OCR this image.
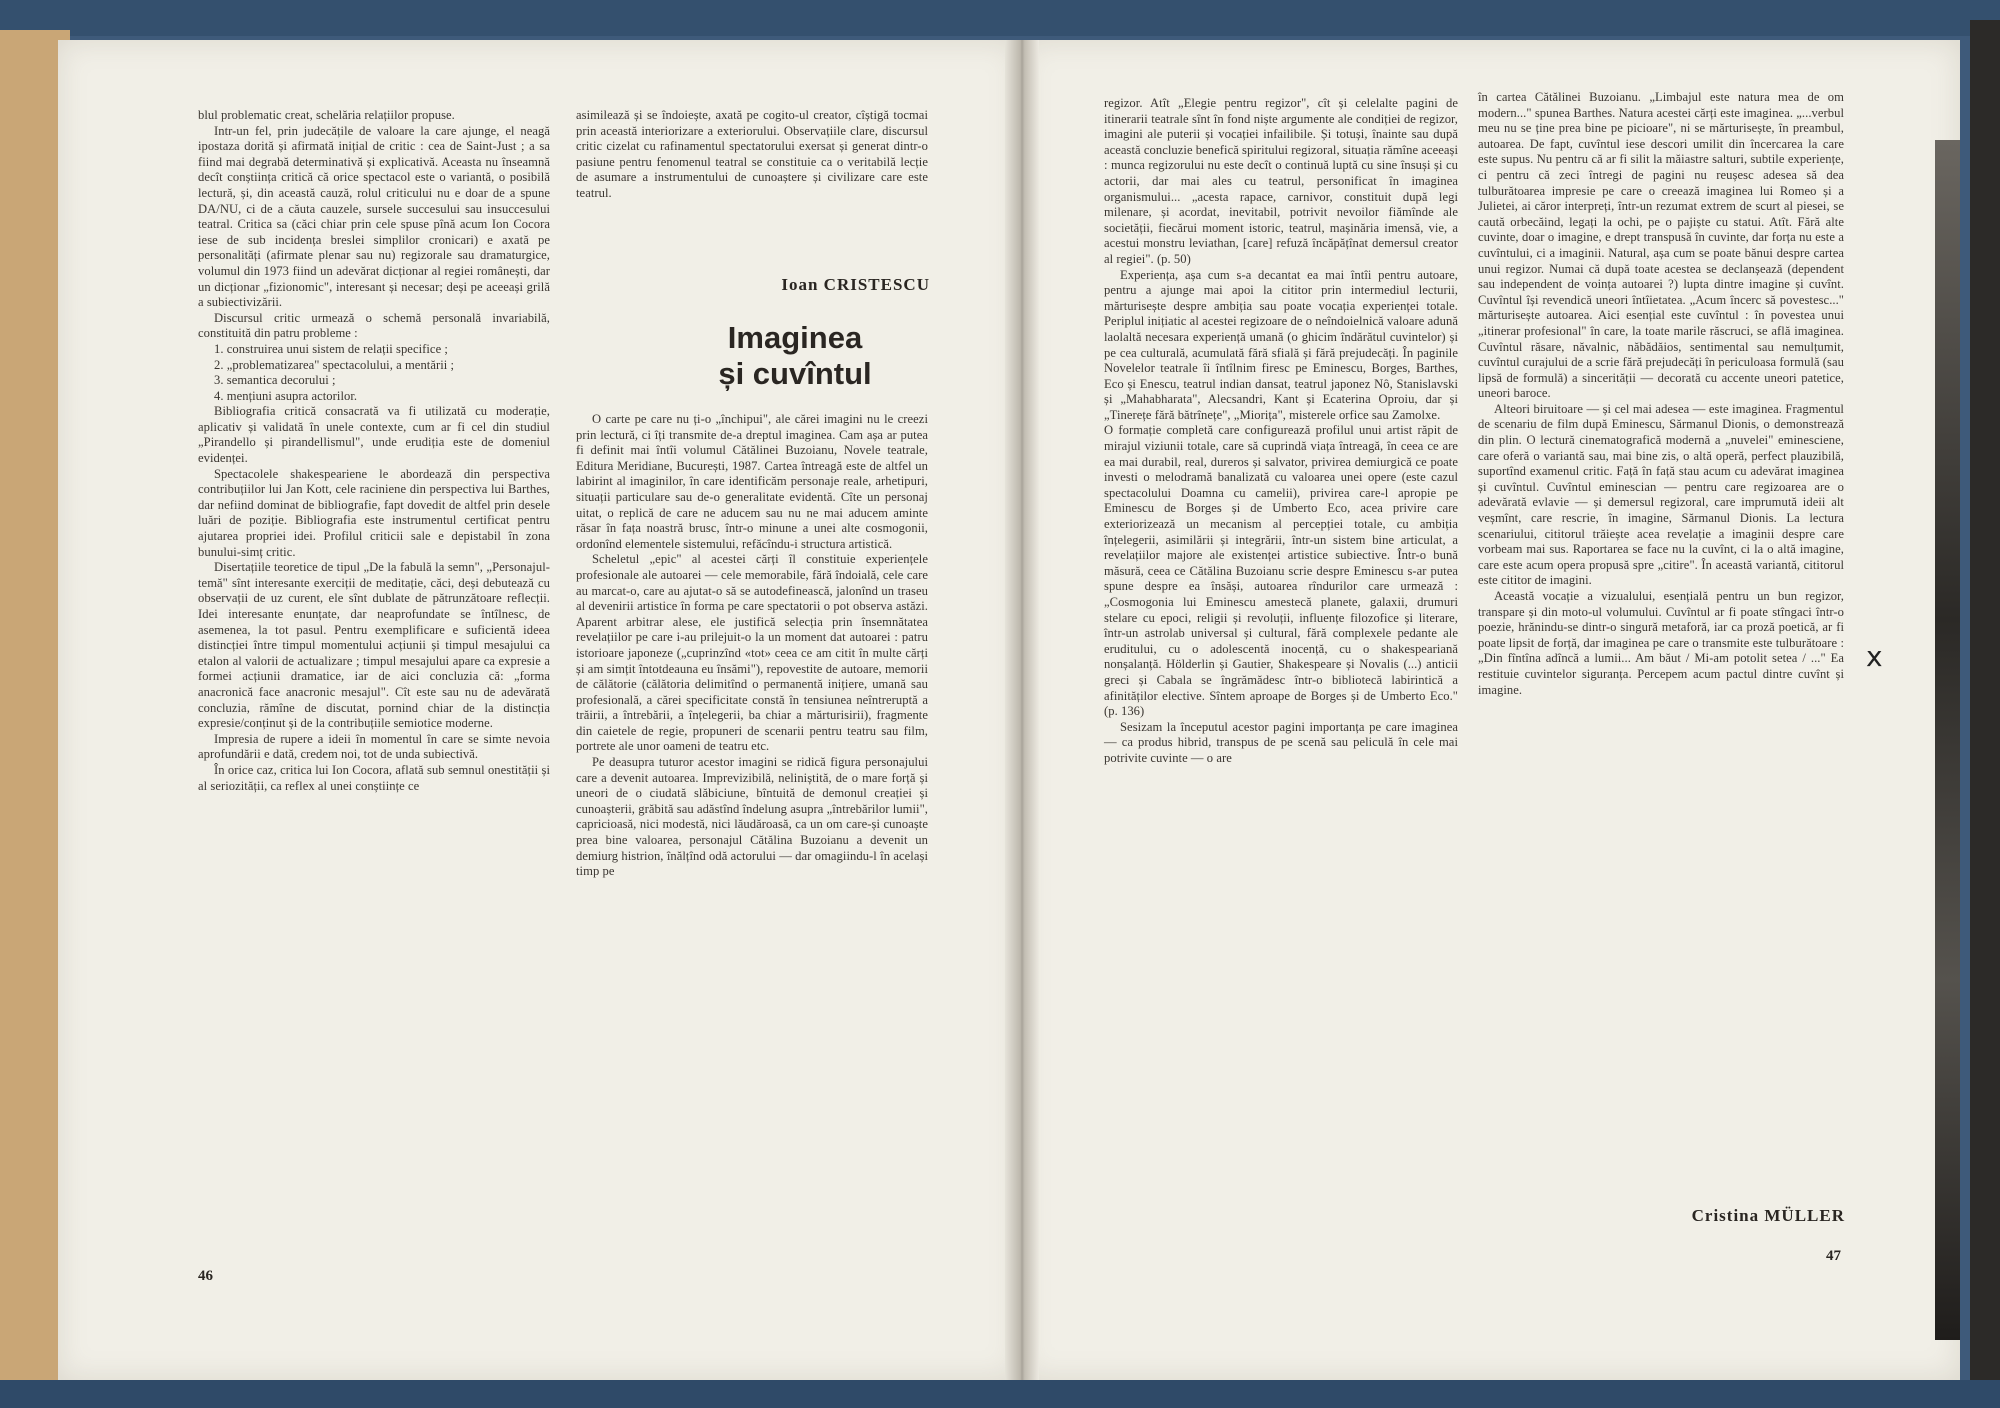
blul problematic creat, schelăria relațiilor propuse.

Intr-un fel, prin judecățile de valoare la care ajunge, el neagă ipostaza dorită și afirmată inițial de critic : cea de Saint-Just ; a sa fiind mai degrabă determinativă și explicativă. Aceasta nu înseamnă decît conștiința critică că orice spectacol este o variantă, o posibilă lectură, și, din această cauză, rolul criticului nu e doar de a spune DA/NU, ci de a căuta cauzele, sursele succesului sau insuccesului teatral. Critica sa (căci chiar prin cele spuse pînă acum Ion Cocora iese de sub incidența breslei simplilor cronicari) e axată pe personalități (afirmate plenar sau nu) regizorale sau dramaturgice, volumul din 1973 fiind un adevărat dicționar al regiei românești, dar un dicționar „fizionomic", interesant și necesar; deși pe aceeași grilă a subiectivizării.

Discursul critic urmează o schemă personală invariabilă, constituită din patru probleme :

1. construirea unui sistem de relații specifice ;

2. „problematizarea" spectacolului, a mentării ;

3. semantica decorului ;

4. mențiuni asupra actorilor.

Bibliografia critică consacrată va fi utilizată cu moderație, aplicativ și validată în unele contexte, cum ar fi cel din studiul „Pirandello și pirandellismul", unde erudiția este de domeniul evidenței.

Spectacolele shakespeariene le abordează din perspectiva contribuțiilor lui Jan Kott, cele raciniene din perspectiva lui Barthes, dar nefiind dominat de bibliografie, fapt dovedit de altfel prin desele luări de poziție. Bibliografia este instrumentul certificat pentru ajutarea propriei idei. Profilul criticii sale e depistabil în zona bunului-simț critic.

Disertațiile teoretice de tipul „De la fabulă la semn", „Personajul-temă" sînt interesante exerciții de meditație, căci, deși debutează cu observații de uz curent, ele sînt dublate de pătrunzătoare reflecții. Idei interesante enunțate, dar neaprofundate se întîlnesc, de asemenea, la tot pasul. Pentru exemplificare e suficientă ideea distincției între timpul momentului acțiunii și timpul mesajului ca etalon al valorii de actualizare ; timpul mesajului apare ca expresie a formei acțiunii dramatice, iar de aici concluzia că: „forma anacronică face anacronic mesajul". Cît este sau nu de adevărată concluzia, rămîne de discutat, pornind chiar de la distincția expresie/conținut și de la contribuțiile semiotice moderne.

Impresia de rupere a ideii în momentul în care se simte nevoia aprofundării e dată, credem noi, tot de unda subiectivă.

În orice caz, critica lui Ion Cocora, aflată sub semnul onestității și al seriozității, ca reflex al unei conștiințe ce

asimilează și se îndoiește, axată pe cogito-ul creator, cîștigă tocmai prin această interiorizare a exteriorului. Observațiile clare, discursul critic cizelat cu rafinamentul spectatorului exersat și generat dintr-o pasiune pentru fenomenul teatral se constituie ca o veritabilă lecție de asumare a instrumentului de cunoaștere și civilizare care este teatrul.

Ioan CRISTESCU
Imaginea
și cuvîntul

O carte pe care nu ți-o „închipui", ale cărei imagini nu le creezi prin lectură, ci îți transmite de-a dreptul imaginea. Cam așa ar putea fi definit mai întîi volumul Cătălinei Buzoianu, Novele teatrale, Editura Meridiane, București, 1987. Cartea întreagă este de altfel un labirint al imaginilor, în care identificăm personaje reale, arhetipuri, situații particulare sau de-o generalitate evidentă. Cîte un personaj uitat, o replică de care ne aducem sau nu ne mai aducem aminte răsar în fața noastră brusc, într-o minune a unei alte cosmogonii, ordonînd elementele sistemului, refăcîndu-i structura artistică.

Scheletul „epic" al acestei cărți îl constituie experiențele profesionale ale autoarei — cele memorabile, fără îndoială, cele care au marcat-o, care au ajutat-o să se autodefinească, jalonînd un traseu al devenirii artistice în forma pe care spectatorii o pot observa astăzi. Aparent arbitrar alese, ele justifică selecția prin însemnătatea revelațiilor pe care i-au prilejuit-o la un moment dat autoarei : patru istorioare japoneze („cuprinzînd «tot» ceea ce am citit în multe cărți și am simțit întotdeauna eu însămi"), repovestite de autoare, memorii de călătorie (călătoria delimitînd o permanentă inițiere, umană sau profesională, a cărei specificitate constă în tensiunea neîntreruptă a trăirii, a întrebării, a înțelegerii, ba chiar a mărturisirii), fragmente din caietele de regie, propuneri de scenarii pentru teatru sau film, portrete ale unor oameni de teatru etc.

Pe deasupra tuturor acestor imagini se ridică figura personajului care a devenit autoarea. Imprevizibilă, neliniștită, de o mare forță și uneori de o ciudată slăbiciune, bîntuită de demonul creației și cunoașterii, grăbită sau adăstînd îndelung asupra „întrebărilor lumii", capricioasă, nici modestă, nici lăudăroasă, ca un om care-și cunoaște prea bine valoarea, personajul Cătălina Buzoianu a devenit un demiurg histrion, înălțînd odă actorului — dar omagiindu-l în același timp pe

46

regizor. Atît „Elegie pentru regizor", cît și celelalte pagini de itinerarii teatrale sînt în fond niște argumente ale condiției de regizor, imagini ale puterii și vocației infailibile. Și totuși, înainte sau după această concluzie benefică spiritului regizoral, situația rămîne aceeași : munca regizorului nu este decît o continuă luptă cu sine însuși și cu actorii, dar mai ales cu teatrul, personificat în imaginea organismului... „acesta rapace, carnivor, constituit după legi milenare, și acordat, inevitabil, potrivit nevoilor fiămînde ale societății, fiecărui moment istoric, teatrul, mașinăria imensă, vie, a acestui monstru leviathan, [care] refuză încăpățînat demersul creator al regiei". (p. 50)

Experiența, așa cum s-a decantat ea mai întîi pentru autoare, pentru a ajunge mai apoi la cititor prin intermediul lecturii, mărturisește despre ambiția sau poate vocația experienței totale. Periplul inițiatic al acestei regizoare de o neîndoielnică valoare adună laolaltă necesara experiență umană (o ghicim îndărătul cuvintelor) și pe cea culturală, acumulată fără sfială și fără prejudecăți. În paginile Novelelor teatrale îi întîlnim firesc pe Eminescu, Borges, Barthes, Eco și Enescu, teatrul indian dansat, teatrul japonez Nô, Stanislavski și „Mahabharata", Alecsandri, Kant și Ecaterina Oproiu, dar și „Tinerețe fără bătrînețe", „Miorița", misterele orfice sau Zamolxe.

O formație completă care configurează profilul unui artist răpit de mirajul viziunii totale, care să cuprindă viața întreagă, în ceea ce are ea mai durabil, real, dureros și salvator, privirea demiurgică ce poate investi o melodramă banalizată cu valoarea unei opere (este cazul spectacolului Doamna cu camelii), privirea care-l apropie pe Eminescu de Borges și de Umberto Eco, acea privire care exteriorizează un mecanism al percepției totale, cu ambiția înțelegerii, asimilării și integrării, într-un sistem bine articulat, a revelațiilor majore ale existenței artistice subiective. Într-o bună măsură, ceea ce Cătălina Buzoianu scrie despre Eminescu s-ar putea spune despre ea însăși, autoarea rîndurilor care urmează : „Cosmogonia lui Eminescu amestecă planete, galaxii, drumuri stelare cu epoci, religii și revoluții, influențe filozofice și literare, într-un astrolab universal și cultural, fără complexele pedante ale eruditului, cu o adolescentă inocență, cu o shakespeariană nonșalanță. Hölderlin și Gautier, Shakespeare și Novalis (...) anticii greci și Cabala se îngrămădesc într-o bibliotecă labirintică a afinităților elective. Sîntem aproape de Borges și de Umberto Eco." (p. 136)

Sesizam la începutul acestor pagini importanța pe care imaginea — ca produs hibrid, transpus de pe scenă sau peliculă în cele mai potrivite cuvinte — o are

în cartea Cătălinei Buzoianu. „Limbajul este natura mea de om modern..." spunea Barthes. Natura acestei cărți este imaginea. „...verbul meu nu se ține prea bine pe picioare", ni se mărturisește, în preambul, autoarea. De fapt, cuvîntul iese descori umilit din încercarea la care este supus. Nu pentru că ar fi silit la măiastre salturi, subtile experiențe, ci pentru că zeci întregi de pagini nu reușesc adesea să dea tulburătoarea impresie pe care o creează imaginea lui Romeo și a Julietei, ai căror interpreți, într-un rezumat extrem de scurt al piesei, se caută orbecăind, legați la ochi, pe o pajiște cu statui. Atît. Fără alte cuvinte, doar o imagine, e drept transpusă în cuvinte, dar forța nu este a cuvîntului, ci a imaginii. Natural, așa cum se poate bănui despre cartea unui regizor. Numai că după toate acestea se declanșează (dependent sau independent de voința autoarei ?) lupta dintre imagine și cuvînt. Cuvîntul își revendică uneori întîietatea. „Acum încerc să povestesc..." mărturisește autoarea. Aici esențial este cuvîntul : în povestea unui „itinerar profesional" în care, la toate marile răscruci, se află imaginea. Cuvîntul răsare, năvalnic, năbădăios, sentimental sau nemulțumit, cuvîntul curajului de a scrie fără prejudecăți în periculoasa formulă (sau lipsă de formulă) a sincerității — decorată cu accente uneori patetice, uneori baroce.

Alteori biruitoare — și cel mai adesea — este imaginea. Fragmentul de scenariu de film după Eminescu, Sărmanul Dionis, o demonstrează din plin. O lectură cinematografică modernă a „nuvelei" eminesciene, care oferă o variantă sau, mai bine zis, o altă operă, perfect plauzibilă, suportînd examenul critic. Față în față stau acum cu adevărat imaginea și cuvîntul. Cuvîntul eminescian — pentru care regizoarea are o adevărată evlavie — și demersul regizoral, care imprumută ideii alt veșmînt, care rescrie, în imagine, Sărmanul Dionis. La lectura scenariului, cititorul trăiește acea revelație a imaginii despre care vorbeam mai sus. Raportarea se face nu la cuvînt, ci la o altă imagine, care este acum opera propusă spre „citire". În această variantă, cititorul este cititor de imagini.

Această vocație a vizualului, esențială pentru un bun regizor, transpare și din moto-ul volumului. Cuvîntul ar fi poate stîngaci într-o poezie, hrănindu-se dintr-o singură metaforă, iar ca proză poetică, ar fi poate lipsit de forță, dar imaginea pe care o transmite este tulburătoare : „Din fîntîna adîncă a lumii... Am băut / Mi-am potolit setea / ..." Ea restituie cuvintelor siguranța. Percepem acum pactul dintre cuvînt și imagine.

Cristina MÜLLER
47
x
